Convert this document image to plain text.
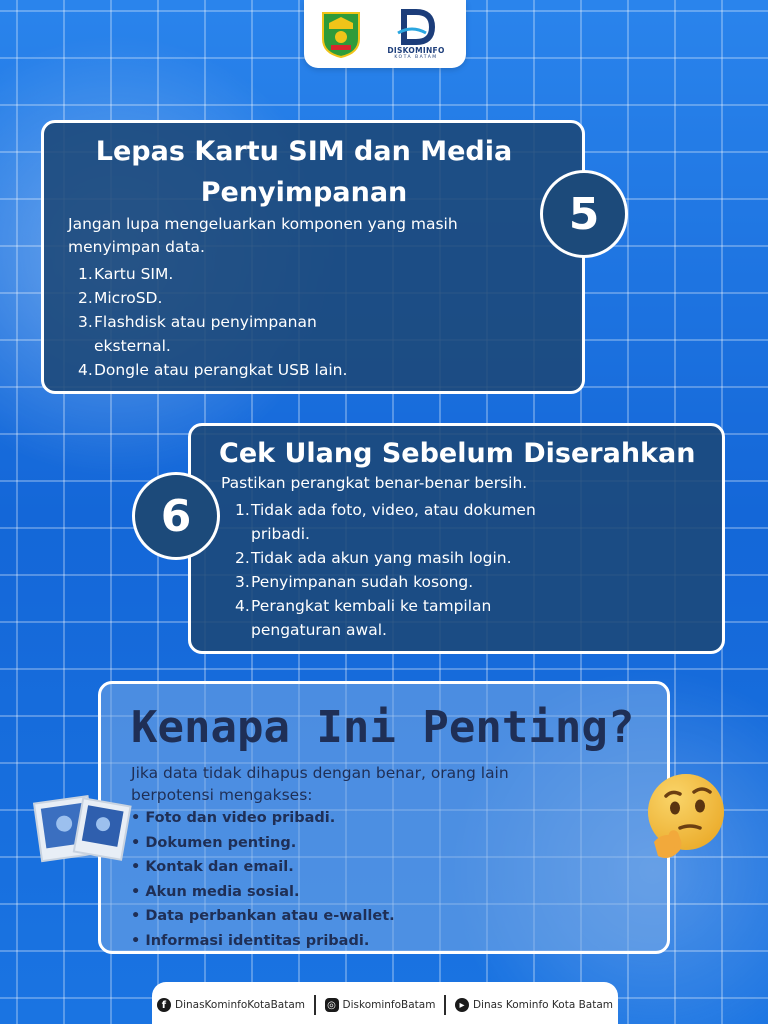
DISKOMINFO
KOTA BATAM
Lepas Kartu SIM dan Media Penyimpanan
Jangan lupa mengeluarkan komponen yang masih menyimpan data.
1. Kartu SIM.
2. MicroSD.
3. Flashdisk atau penyimpanan eksternal.
4. Dongle atau perangkat USB lain.
5
Cek Ulang Sebelum Diserahkan
Pastikan perangkat benar-benar bersih.
1. Tidak ada foto, video, atau dokumen pribadi.
2. Tidak ada akun yang masih login.
3. Penyimpanan sudah kosong.
4. Perangkat kembali ke tampilan pengaturan awal.
6
Kenapa Ini Penting?
Jika data tidak dihapus dengan benar, orang lain berpotensi mengakses:
• Foto dan video pribadi.
• Dokumen penting.
• Kontak dan email.
• Akun media sosial.
• Data perbankan atau e-wallet.
• Informasi identitas pribadi.
f DinasKominfoKotaBatam ◎ DiskominfoBatam	▸ Dinas Kominfo Kota Batam
